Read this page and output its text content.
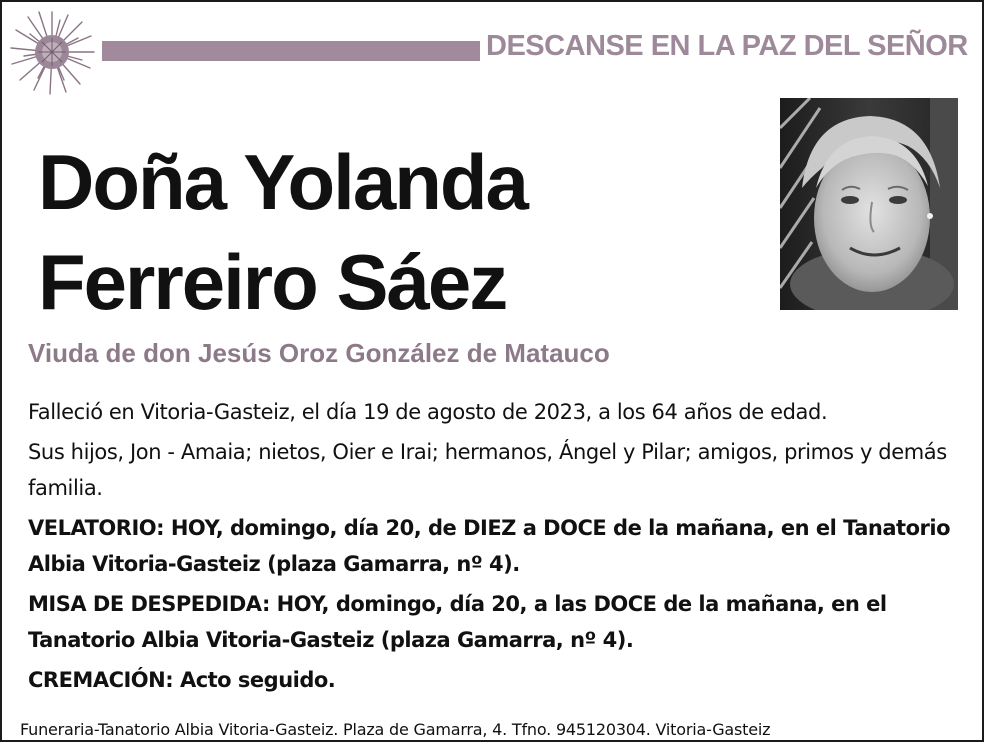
DESCANSE EN LA PAZ DEL SEÑOR
Doña Yolanda
Ferreiro Sáez
Viuda de don Jesús Oroz González de Matauco

Falleció en Vitoria-Gasteiz, el día 19 de agosto de 2023, a los 64 años de edad.

Sus hijos, Jon - Amaia; nietos, Oier e Irai; hermanos, Ángel y Pilar; amigos, primos y demás familia.

VELATORIO: HOY, domingo, día 20, de DIEZ a DOCE de la mañana, en el Tanatorio Albia Vitoria-Gasteiz (plaza Gamarra, nº 4).

MISA DE DESPEDIDA: HOY, domingo, día 20, a las DOCE de la mañana, en el Tanatorio Albia Vitoria-Gasteiz (plaza Gamarra, nº 4).

CREMACIÓN: Acto seguido.

Funeraria-Tanatorio Albia Vitoria-Gasteiz. Plaza de Gamarra, 4. Tfno. 945120304. Vitoria-Gasteiz
